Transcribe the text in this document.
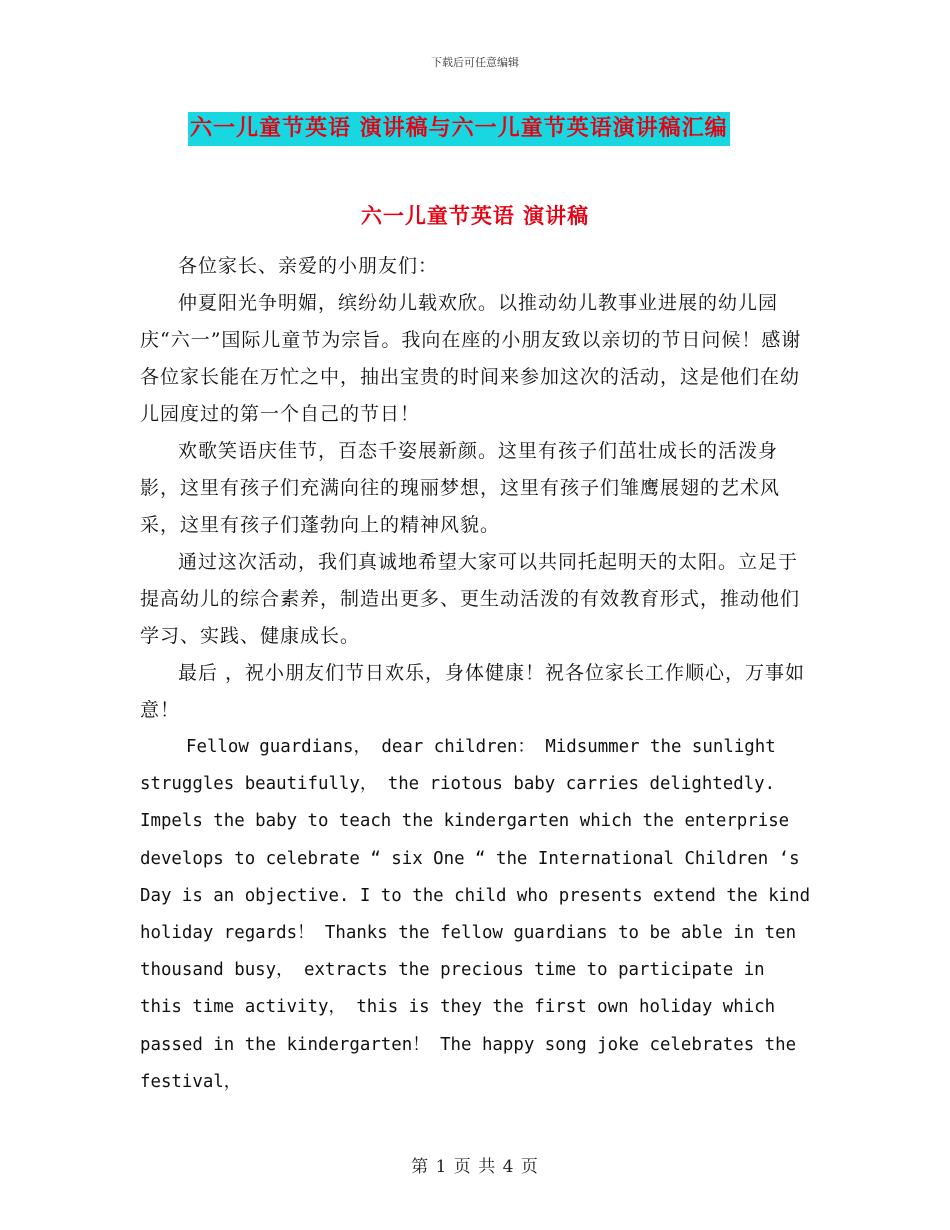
下载后可任意编辑
六一儿童节英语 演讲稿与六一儿童节英语演讲稿汇编
六一儿童节英语 演讲稿

各位家长、亲爱的小朋友们：

仲夏阳光争明媚，缤纷幼儿载欢欣。以推动幼儿教事业进展的幼儿园庆“六一”国际儿童节为宗旨。我向在座的小朋友致以亲切的节日问候！感谢各位家长能在万忙之中，抽出宝贵的时间来参加这次的活动，这是他们在幼儿园度过的第一个自己的节日！

欢歌笑语庆佳节，百态千姿展新颜。这里有孩子们茁壮成长的活泼身影，这里有孩子们充满向往的瑰丽梦想，这里有孩子们雏鹰展翅的艺术风采，这里有孩子们蓬勃向上的精神风貌。

通过这次活动，我们真诚地希望大家可以共同托起明天的太阳。立足于提高幼儿的综合素养，制造出更多、更生动活泼的有效教育形式，推动他们学习、实践、健康成长。

最后 ，祝小朋友们节日欢乐，身体健康！祝各位家长工作顺心，万事如意！

Fellow guardians， dear children： Midsummer the sunlight struggles beautifully， the riotous baby carries delightedly. Impels the baby to teach the kindergarten which the enterprise develops to celebrate “ six One “ the International Children ‘s Day is an objective. I to the child who presents extend the kind holiday regards！ Thanks the fellow guardians to be able in ten thousand busy， extracts the precious time to participate in this time activity， this is they the first own holiday which passed in the kindergarten！ The happy song joke celebrates the festival，
第 1 页 共 4 页
